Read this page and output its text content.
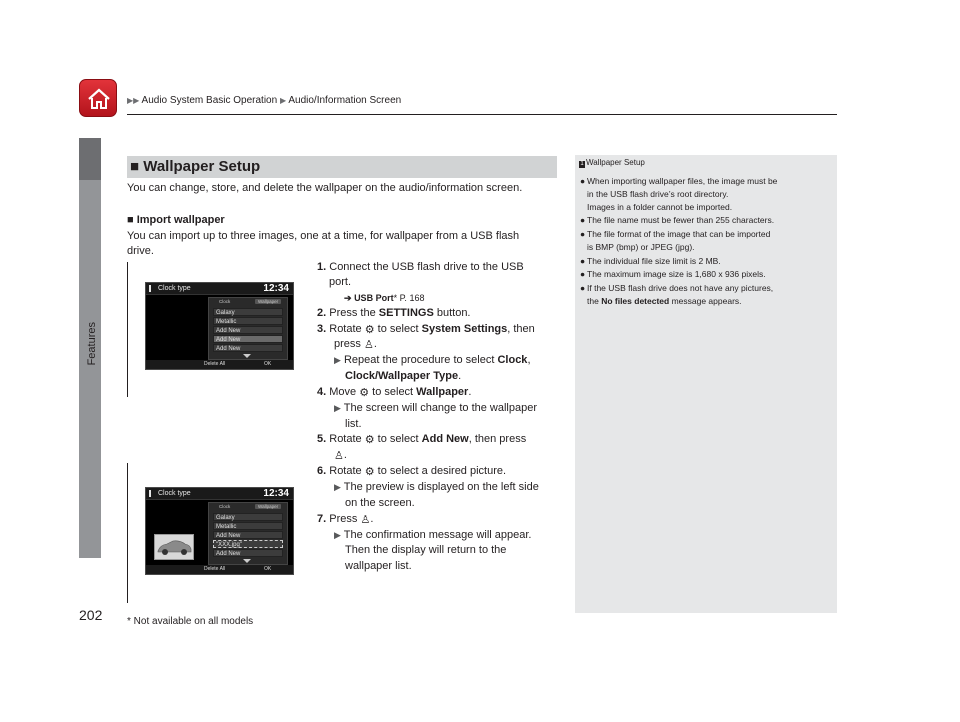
▶▶ Audio System Basic Operation ▶ Audio/Information Screen
Features
■ Wallpaper Setup
You can change, store, and delete the wallpaper on the audio/information screen.
■ Import wallpaper
You can import up to three images, one at a time, for wallpaper from a USB flash
drive.
Clock type	12:34
Clock	Wallpaper
Galaxy
Metallic
Add New
Add New
Add New
Delete All	OK
Clock type	12:34
Clock	Wallpaper
Galaxy
Metallic
Add New
"XXX.jpg"
Add New
Delete All	OK
1. Connect the USB flash drive to the USB
port.
➔ USB Port* P. 168
2. Press the SETTINGS button.
3. Rotate ⚙ to select System Settings, then
press ♙.
▶ Repeat the procedure to select Clock,
Clock/Wallpaper Type.
4. Move ⚙ to select Wallpaper.
▶ The screen will change to the wallpaper
list.
5. Rotate ⚙ to select Add New, then press
♙.
6. Rotate ⚙ to select a desired picture.
▶ The preview is displayed on the left side
on the screen.
7. Press ♙.
▶ The confirmation message will appear.
Then the display will return to the
wallpaper list.
1 Wallpaper Setup
● When importing wallpaper files, the image must be
in the USB flash drive’s root directory.
Images in a folder cannot be imported.
● The file name must be fewer than 255 characters.
● The file format of the image that can be imported
is BMP (bmp) or JPEG (jpg).
● The individual file size limit is 2 MB.
● The maximum image size is 1,680 x 936 pixels.
● If the USB flash drive does not have any pictures,
the No files detected message appears.
202 * Not available on all models
